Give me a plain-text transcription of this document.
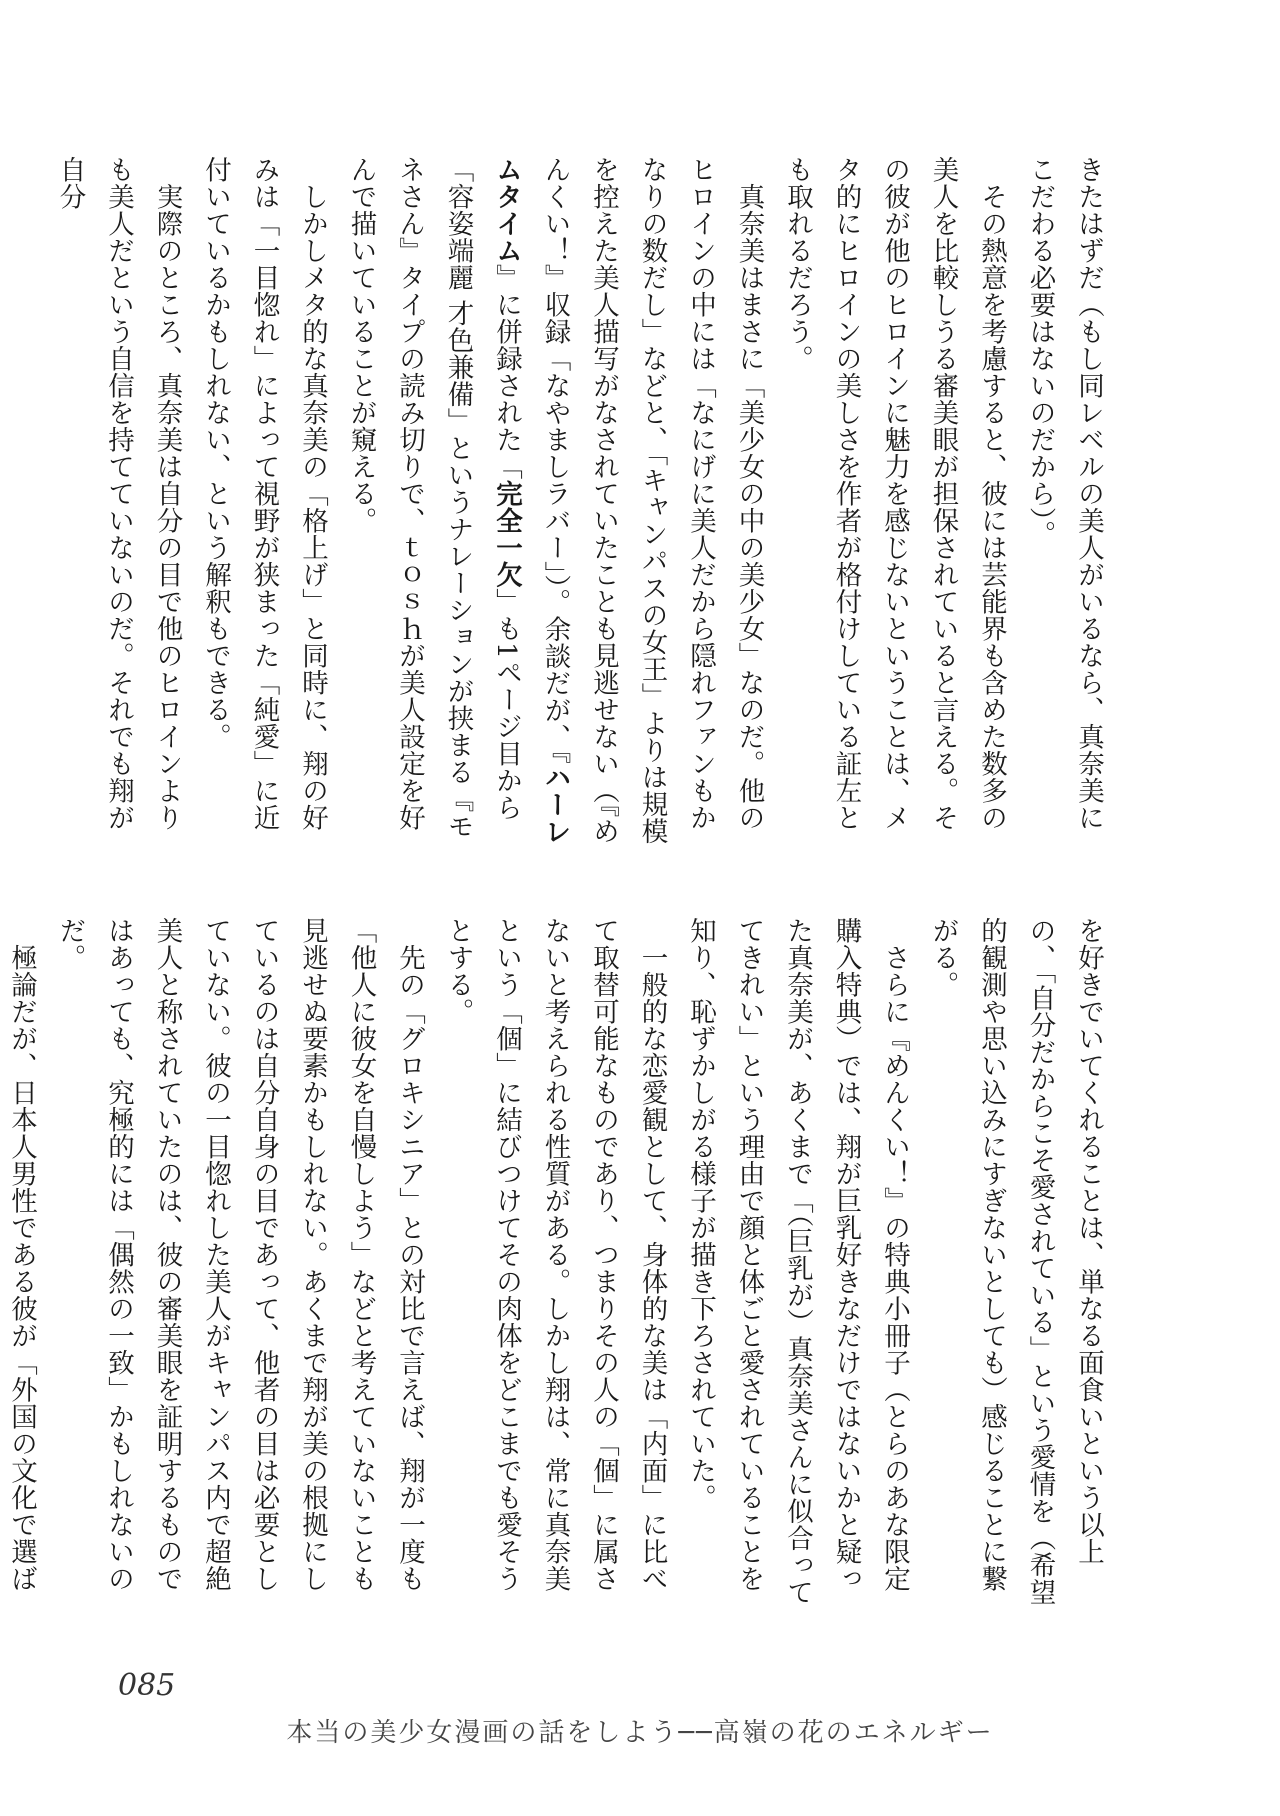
きたはずだ（もし同レベルの美人がいるなら、真奈美にこだわる必要はないのだから）。
その熱意を考慮すると、彼には芸能界も含めた数多の美人を比較しうる審美眼が担保されていると言える。その彼が他のヒロインに魅力を感じないということは、メタ的にヒロインの美しさを作者が格付けしている証左とも取れるだろう。
真奈美はまさに「美少女の中の美少女」なのだ。他のヒロインの中には「なにげに美人だから隠れファンもかなりの数だし」などと、「キャンパスの女王」よりは規模を控えた美人描写がなされていたことも見逃せない（『めんくい！』収録「なやましラバー」）。余談だが、『ハーレムタイム』に併録された「完全一欠」も1ページ目から「容姿端麗 才色兼備」というナレーションが挟まる『モネさん』タイプの読み切りで、ｔｏｓｈが美人設定を好んで描いていることが窺える。
しかしメタ的な真奈美の「格上げ」と同時に、翔の好みは「一目惚れ」によって視野が狭まった「純愛」に近付いているかもしれない、という解釈もできる。
実際のところ、真奈美は自分の目で他のヒロインよりも美人だという自信を持てていないのだ。それでも翔が自分
を好きでいてくれることは、単なる面食いという以上の、「自分だからこそ愛されている」という愛情を（希望的観測や思い込みにすぎないとしても）感じることに繋がる。
さらに『めんくい！』の特典小冊子（とらのあな限定購入特典）では、翔が巨乳好きなだけではないかと疑った真奈美が、あくまで「（巨乳が）真奈美さんに似合っててきれい」という理由で顔と体ごと愛されていることを知り、恥ずかしがる様子が描き下ろされていた。
一般的な恋愛観として、身体的な美は「内面」に比べて取替可能なものであり、つまりその人の「個」に属さないと考えられる性質がある。しかし翔は、常に真奈美という「個」に結びつけてその肉体をどこまでも愛そうとする。
先の「グロキシニア」との対比で言えば、翔が一度も「他人に彼女を自慢しよう」などと考えていないことも見逃せぬ要素かもしれない。あくまで翔が美の根拠にしているのは自分自身の目であって、他者の目は必要としていない。彼の一目惚れした美人がキャンパス内で超絶美人と称されていたのは、彼の審美眼を証明するものではあっても、究極的には「偶然の一致」かもしれないのだ。
極論だが、日本人男性である彼が「外国の文化で選ば
085
本当の美少女漫画の話をしよう──高嶺の花のエネルギー
